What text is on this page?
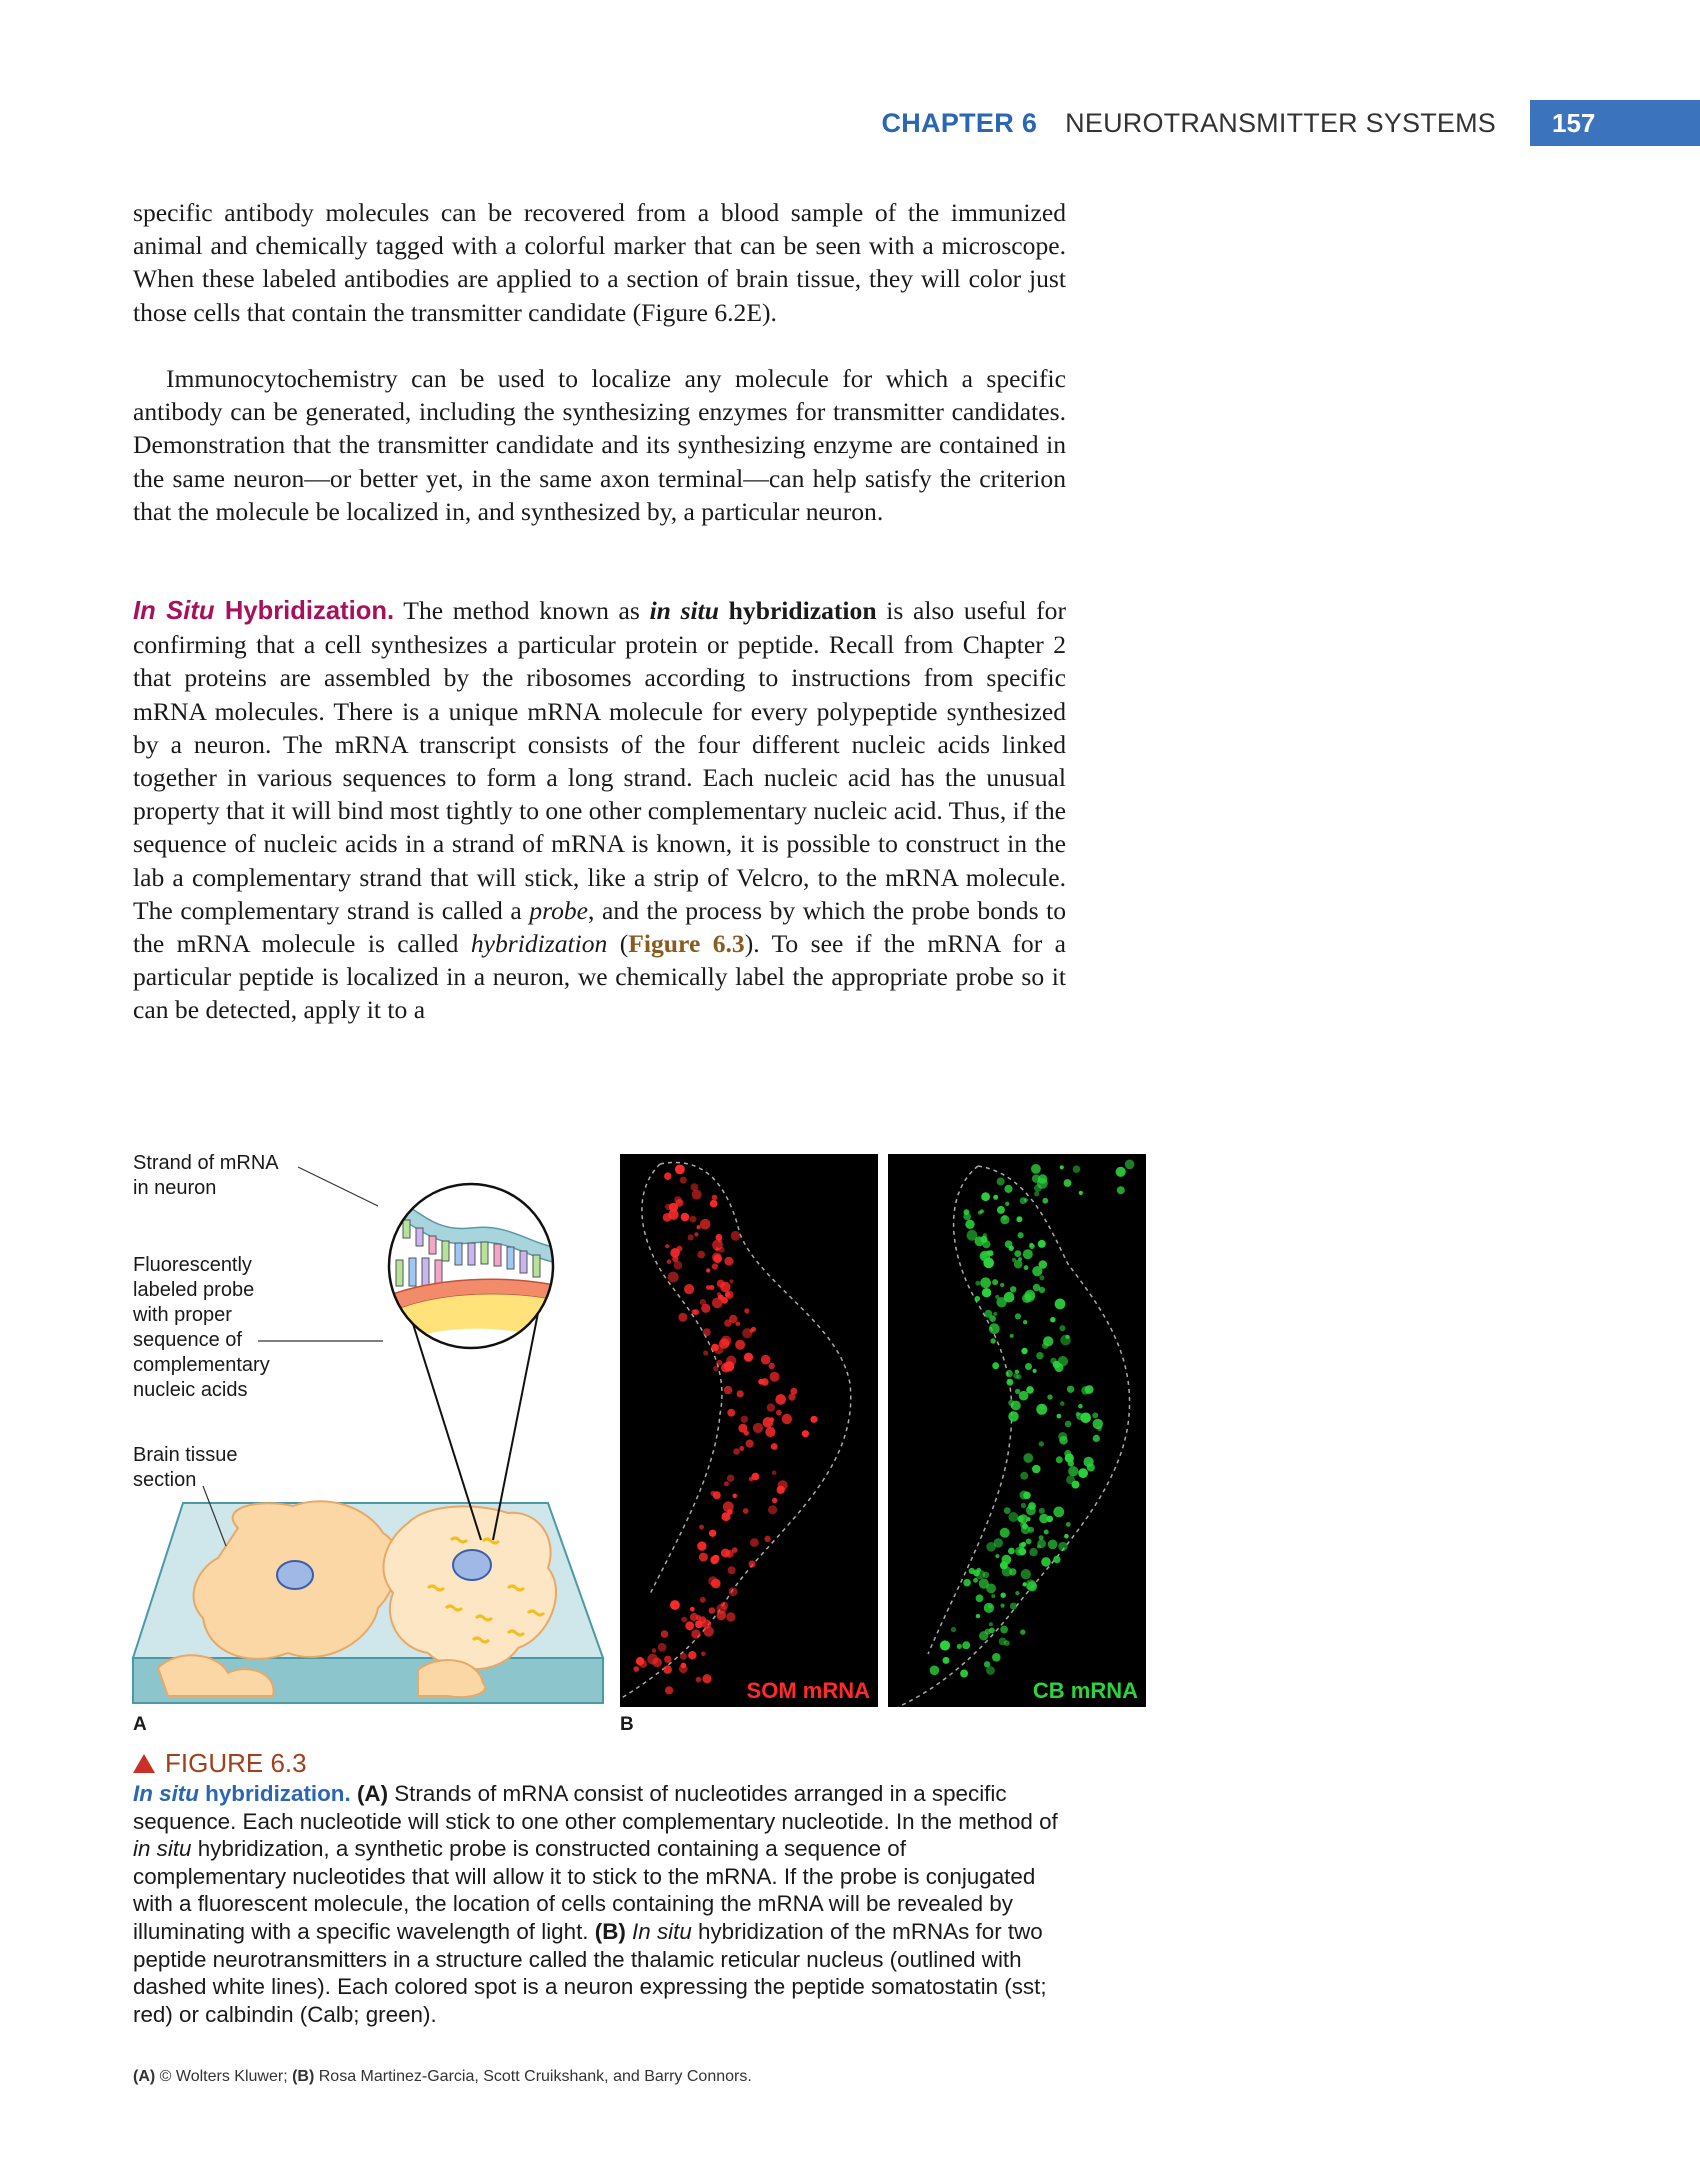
CHAPTER 6 NEUROTRANSMITTER SYSTEMS	157

specific antibody molecules can be recovered from a blood sample of the immunized animal and chemically tagged with a colorful marker that can be seen with a microscope. When these labeled antibodies are applied to a section of brain tissue, they will color just those cells that contain the transmitter candidate (Figure 6.2E).

Immunocytochemistry can be used to localize any molecule for which a specific antibody can be generated, including the synthesizing enzymes for transmitter candidates. Demonstration that the transmitter candidate and its synthesizing enzyme are contained in the same neuron—or better yet, in the same axon terminal—can help satisfy the criterion that the molecule be localized in, and synthesized by, a particular neuron.

In Situ Hybridization. The method known as in situ hybridization is also useful for confirming that a cell synthesizes a particular protein or peptide. Recall from Chapter 2 that proteins are assembled by the ribosomes according to instructions from specific mRNA molecules. There is a unique mRNA molecule for every polypeptide synthesized by a neuron. The mRNA transcript consists of the four different nucleic acids linked together in various sequences to form a long strand. Each nucleic acid has the unusual property that it will bind most tightly to one other complementary nucleic acid. Thus, if the sequence of nucleic acids in a strand of mRNA is known, it is possible to construct in the lab a complementary strand that will stick, like a strip of Velcro, to the mRNA molecule. The complementary strand is called a probe, and the process by which the probe bonds to the mRNA molecule is called hybridization (Figure 6.3). To see if the mRNA for a particular peptide is localized in a neuron, we chemically label the appropriate probe so it can be detected, apply it to a

Strand of mRNA
in neuron
Fluorescently
labeled probe
with proper
sequence of
complementary
nucleic acids
Brain tissue
section
SOM mRNA	CB mRNA
A	B
FIGURE 6.3

In situ hybridization. (A) Strands of mRNA consist of nucleotides arranged in a specific sequence. Each nucleotide will stick to one other complementary nucleotide. In the method of in situ hybridization, a synthetic probe is constructed containing a sequence of complementary nucleotides that will allow it to stick to the mRNA. If the probe is conjugated with a fluorescent molecule, the location of cells containing the mRNA will be revealed by illuminating with a specific wavelength of light. (B) In situ hybridization of the mRNAs for two peptide neurotransmitters in a structure called the thalamic reticular nucleus (outlined with dashed white lines). Each colored spot is a neuron expressing the peptide somatostatin (sst; red) or calbindin (Calb; green).

(A) © Wolters Kluwer; (B) Rosa Martinez-Garcia, Scott Cruikshank, and Barry Connors.
